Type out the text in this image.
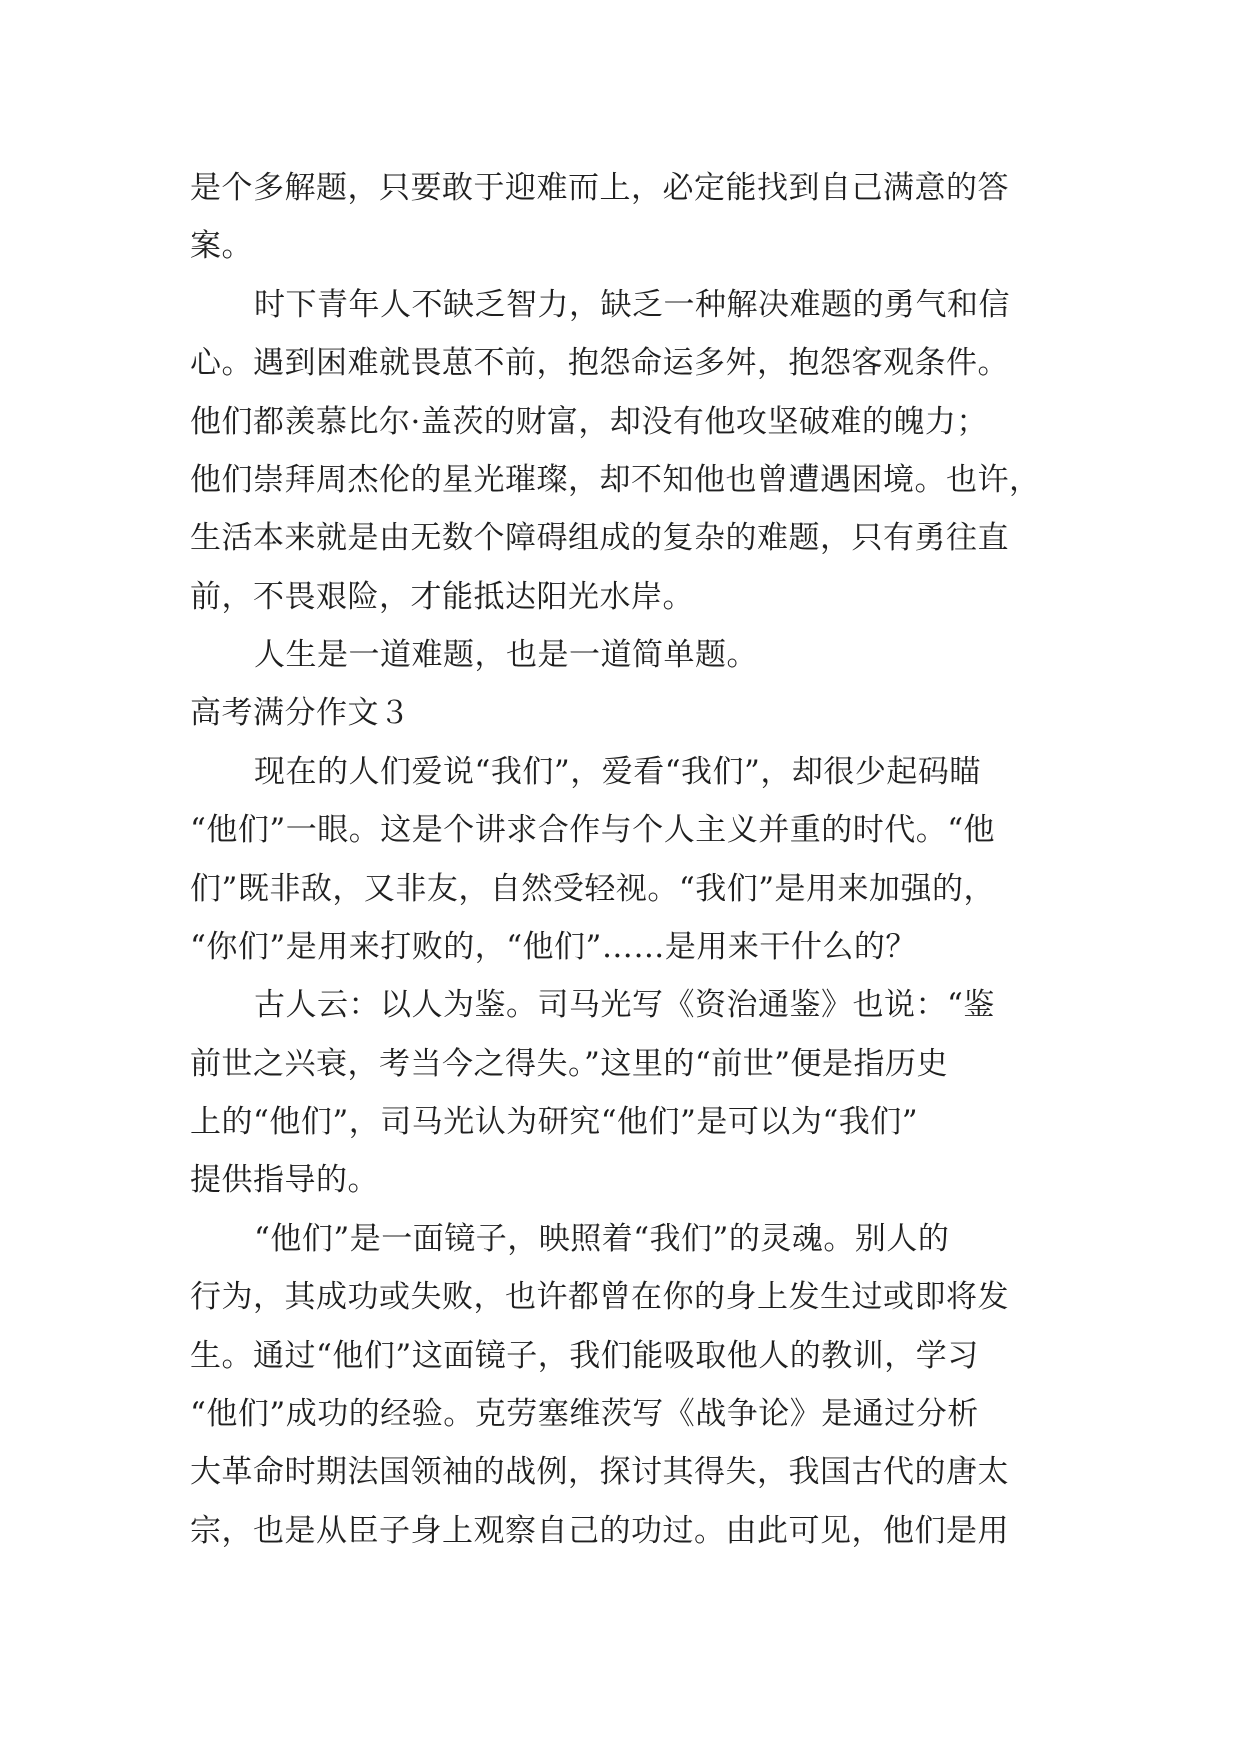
是个多解题，只要敢于迎难而上，必定能找到自己满意的答
案。
时下青年人不缺乏智力，缺乏一种解决难题的勇气和信
心。遇到困难就畏葸不前，抱怨命运多舛，抱怨客观条件。
他们都羡慕比尔·盖茨的财富，却没有他攻坚破难的魄力；
他们崇拜周杰伦的星光璀璨，却不知他也曾遭遇困境。也许，
生活本来就是由无数个障碍组成的复杂的难题，只有勇往直
前，不畏艰险，才能抵达阳光水岸。
人生是一道难题，也是一道简单题。
高考满分作文３
现在的人们爱说“我们”，爱看“我们”，却很少起码瞄
“他们”一眼。这是个讲求合作与个人主义并重的时代。“他
们”既非敌，又非友，自然受轻视。“我们”是用来加强的，
“你们”是用来打败的，“他们”……是用来干什么的？
古人云：以人为鉴。司马光写《资治通鉴》也说：“鉴
前世之兴衰，考当今之得失。”这里的“前世”便是指历史
上的“他们”，司马光认为研究“他们”是可以为“我们”
提供指导的。
“他们”是一面镜子，映照着“我们”的灵魂。别人的
行为，其成功或失败，也许都曾在你的身上发生过或即将发
生。通过“他们”这面镜子，我们能吸取他人的教训，学习
“他们”成功的经验。克劳塞维茨写《战争论》是通过分析
大革命时期法国领袖的战例，探讨其得失，我国古代的唐太
宗，也是从臣子身上观察自己的功过。由此可见，他们是用
